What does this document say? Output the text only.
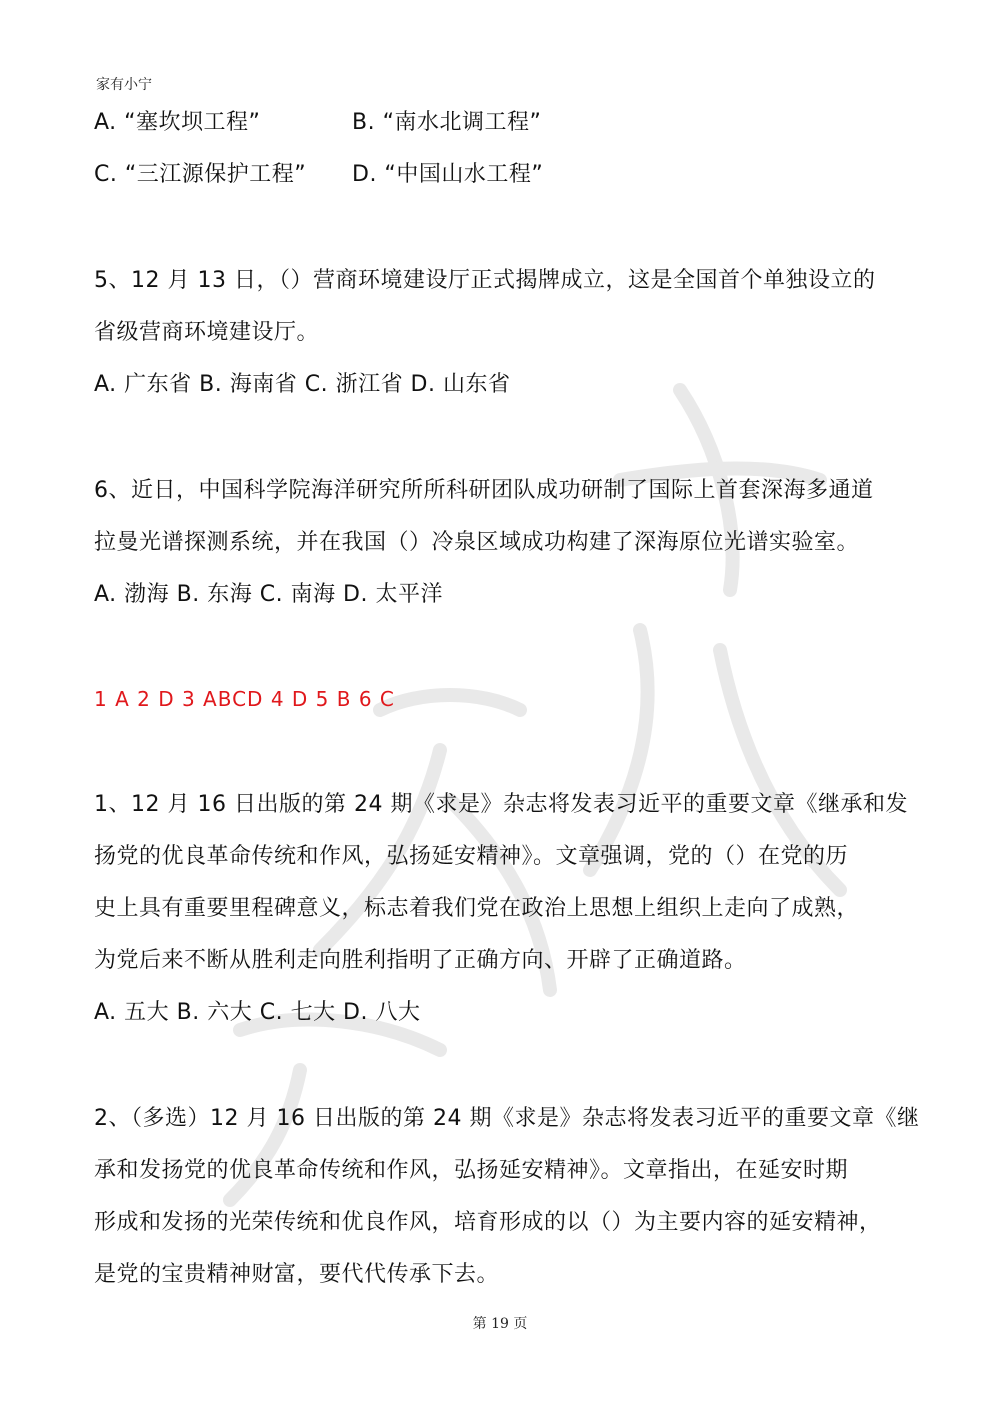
家有小宁
A. “塞坎坝工程”	B. “南水北调工程”
C. “三江源保护工程” D. “中国山水工程”
5、12 月 13 日，（）营商环境建设厅正式揭牌成立，这是全国首个单独设立的
省级营商环境建设厅。
A. 广东省 B. 海南省 C. 浙江省 D. 山东省
6、近日，中国科学院海洋研究所所科研团队成功研制了国际上首套深海多通道
拉曼光谱探测系统，并在我国（）冷泉区域成功构建了深海原位光谱实验室。
A. 渤海 B. 东海 C. 南海 D. 太平洋
1 A 2 D 3 ABCD 4 D 5 B 6 C
1、12 月 16 日出版的第 24 期《求是》杂志将发表习近平的重要文章《继承和发
扬党的优良革命传统和作风，弘扬延安精神》。文章强调，党的（）在党的历
史上具有重要里程碑意义，标志着我们党在政治上思想上组织上走向了成熟，
为党后来不断从胜利走向胜利指明了正确方向、开辟了正确道路。
A. 五大 B. 六大 C. 七大 D. 八大
2、（多选）12 月 16 日出版的第 24 期《求是》杂志将发表习近平的重要文章《继
承和发扬党的优良革命传统和作风，弘扬延安精神》。文章指出，在延安时期
形成和发扬的光荣传统和优良作风，培育形成的以（）为主要内容的延安精神，
是党的宝贵精神财富，要代代传承下去。
第 19 页
